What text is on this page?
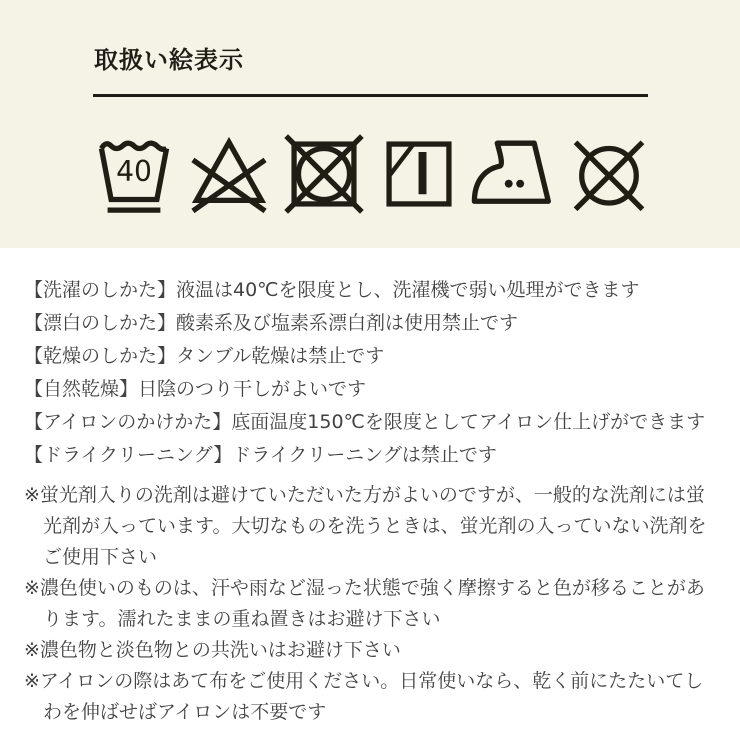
取扱い絵表示
40

【洗濯のしかた】液温は40℃を限度とし、洗濯機で弱い処理ができます

【漂白のしかた】酸素系及び塩素系漂白剤は使用禁止です

【乾燥のしかた】タンブル乾燥は禁止です

【自然乾燥】日陰のつり干しがよいです

【アイロンのかけかた】底面温度150℃を限度としてアイロン仕上げができます

【ドライクリーニング】ドライクリーニングは禁止です

※蛍光剤入りの洗剤は避けていただいた方がよいのですが、一般的な洗剤には蛍

光剤が入っています。大切なものを洗うときは、蛍光剤の入っていない洗剤を

ご使用下さい

※濃色使いのものは、汗や雨など湿った状態で強く摩擦すると色が移ることがあ

ります。濡れたままの重ね置きはお避け下さい

※濃色物と淡色物との共洗いはお避け下さい

※アイロンの際はあて布をご使用ください。日常使いなら、乾く前にたたいてし

わを伸ばせばアイロンは不要です
